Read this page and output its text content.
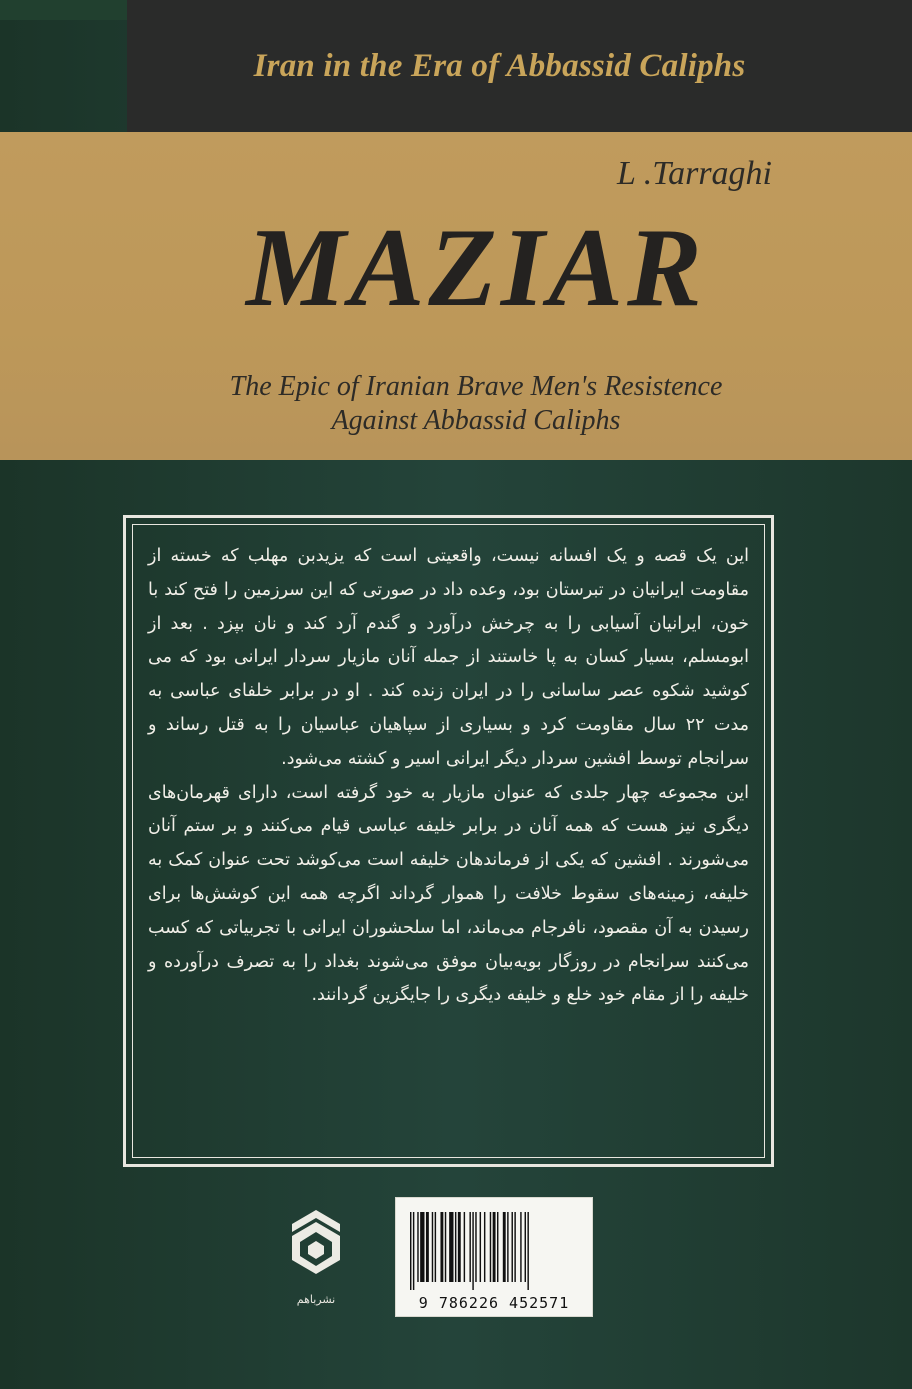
Iran in the Era of Abbassid Caliphs
L .Tarraghi
MAZIAR
The Epic of Iranian Brave Men's Resistence
Against Abbassid Caliphs

این یک قصه و یک افسانه نیست، واقعیتی است که یزیدبن مهلب که خسته از مقاومت ایرانیان در تبرستان بود، وعده داد در صورتی که این سرزمین را فتح کند با خون، ایرانیان آسیابی را به چرخش درآورد و گندم آرد کند و نان بپزد . بعد از ابومسلم، بسیار کسان به پا خاستند از جمله آنان مازیار سردار ایرانی بود که می کوشید شکوه عصر ساسانی را در ایران زنده کند . او در برابر خلفای عباسی به مدت ۲۲ سال مقاومت کرد و بسیاری از سپاهیان عباسیان را به قتل رساند و سرانجام توسط افشین سردار دیگر ایرانی اسیر و کشته می‌شود.

این مجموعه چهار جلدی که عنوان مازیار به خود گرفته است، دارای قهرمان‌های دیگری نیز هست که همه آنان در برابر خلیفه عباسی قیام می‌کنند و بر ستم آنان می‌شورند . افشین که یکی از فرماندهان خلیفه است می‌کوشد تحت عنوان کمک به خلیفه، زمینه‌های سقوط خلافت را هموار گرداند اگرچه همه این کوشش‌ها برای رسیدن به آن مقصود، نافرجام می‌ماند، اما سلحشوران ایرانی با تجربیاتی که کسب می‌کنند سرانجام در روزگار بویه‌بیان موفق می‌شوند بغداد را به تصرف درآورده و خلیفه را از مقام خود خلع و خلیفه دیگری را جایگزین گردانند.

نشرباهم	9 786226 452571
